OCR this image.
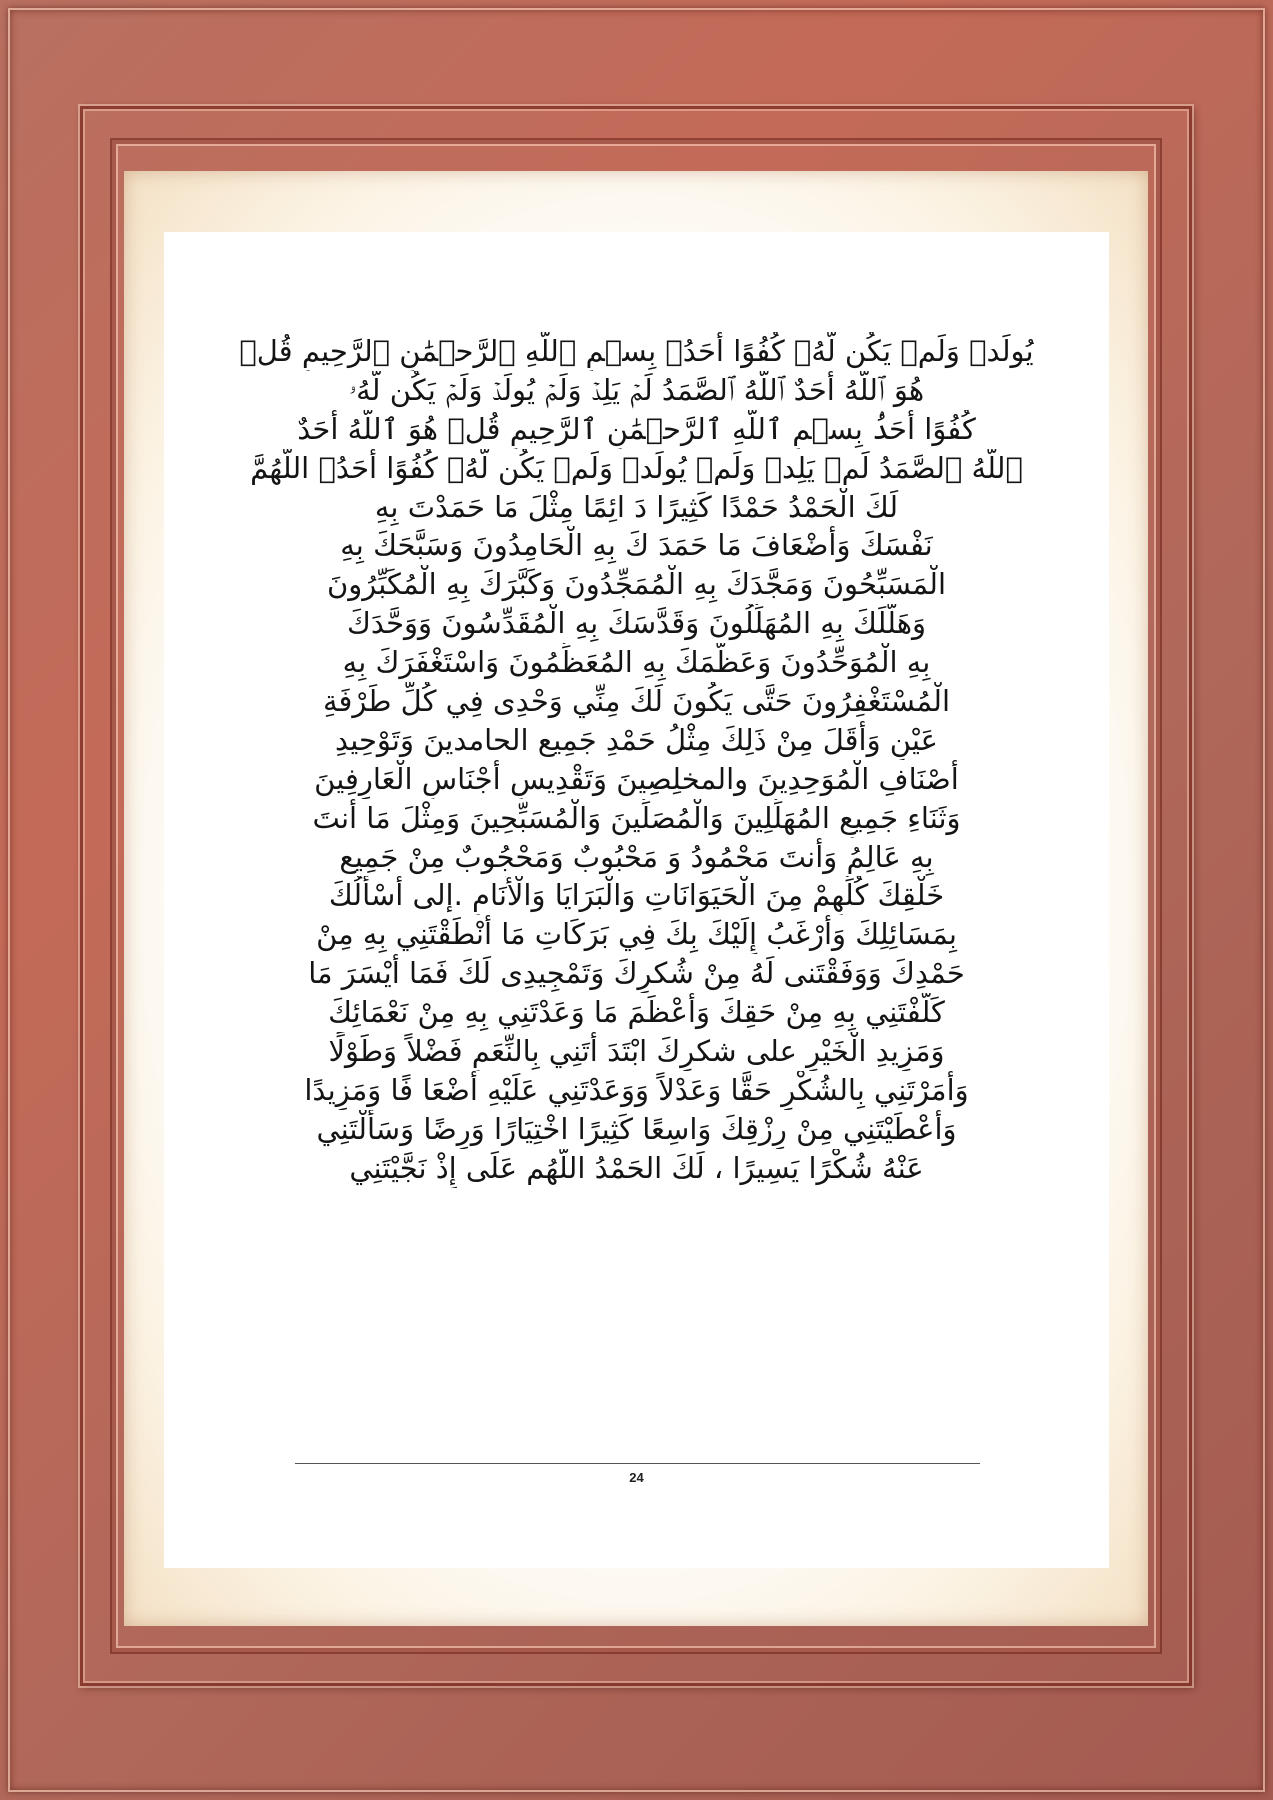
يُولَدۡ وَلَمۡ يَكُن لَّهُۥ كُفُوًا أَحَدُۢ بِسۡمِ ٱللَّهِ ٱلرَّحۡمَٰنِ ٱلرَّحِيمِ قُلۡ
هُوَ ٱللَّهُ أَحَدٌ ٱللَّهُ ٱلصَّمَدُ لَمۡ يَلِدۡ وَلَمۡ يُولَدۡ وَلَمۡ يَكُن لَّهُۥ
كُفُوًا أَحَدُۢ بِسۡمِ ٱللَّهِ ٱلرَّحۡمَٰنِ ٱلرَّحِيمِ قُلۡ هُوَ ٱللَّهُ أَحَدٌ
ٱللَّهُ ٱلصَّمَدُ لَمۡ يَلِدۡ وَلَمۡ يُولَدۡ وَلَمۡ يَكُن لَّهُۥ كُفُوًا أَحَدُۢ اللَّهُمَّ
لَكَ الْحَمْدُ حَمْدًا كَثِيرًا دَ ائِمًا مِثْلَ مَا حَمَدْتَ بِهِ
نَفْسَكَ وَأَضْعَافَ مَا حَمَدَ كَ بِهِ الْحَامِدُونَ وَسَبَّحَكَ بِهِ
الْمَسَبِّحُونَ وَمَجَّدَكَ بِهِ الْمُمَجِّدُونَ وَكَبَّرَكَ بِهِ الْمُكَبِّرُونَ
وَهَلَّلَكَ بِهِ المُهَلِّلُونَ وَقَدَّسَكَ بِهِ الْمُقَدِّسُونَ وَوَحَّدَكَ
بِهِ الْمُوَحِّدُونَ وَعَظَّمَكَ بِهِ المُعَظِّمُونَ وَاسْتَغْفَرَكَ بِهِ
الْمُسْتَغْفِرُونَ حَتَّى يَكُونَ لَكَ مِنِّي وَحْدِى فِي كُلِّ طَرْفَةِ
عَيْنٍ وَأَقَلَ مِنْ ذَلِكَ مِثْلُ حَمْدِ جَمِيع الحامدينَ وَتَوْحِيدِ
أَصْنَافِ الْمُوَحِدِينَ والمخلِصِينَ وَتَقْدِيسِ أَجْنَاسِ الْعَارِفِينَ
وَثَنَاءِ جَمِيعِ المُهَلِّلِينَ وَالْمُصَلِّينَ وَالْمُسَبِّحِينَ وَمِثْلَ مَا أَنتَ
بِهِ عَالِمُ وَأَنتَ مَحْمُودُ وَ مَحْبُوبٌ وَمَحْجُوبٌ مِنْ جَمِيعِ
خَلْقِكَ كُلِّهِمْ مِنَ الْحَيَوَانَاتِ وَالْبَرَايَا وَالْأَنَامِ .إلى أسْأَلُكَ
بِمَسَائِلِكَ وَأَرْغَبُ إِلَيْكَ بِكَ فِي بَرَكَاتِ مَا أَنْطَقْتَنِي بِهِ مِنْ
حَمْدِكَ وَوَفَقْتَنى لَهُ مِنْ شُكرِكَ وَتَمْجِيدِى لَكَ فَمَا أَيْسَرَ مَا
كَلَّفْتَنِي بِهِ مِنْ حَقِكَ وَأَعْظَمَ مَا وَعَدْتَنِي بِهِ مِنْ نَعْمَائِكَ
وَمَزِيدِ الْخَيْرِ على شكرِكَ ابْتَدَ أْتَنِي بِالنِّعَمِ فَضْلاً وَطَوْلًا
وَأَمَرْتَنِي بِالشُكْرِ حَقًّا وَعَدْلاً وَوَعَدْتَنِي عَلَيْهِ أَضْعَا فًا وَمَزِيدًا
وَأَعْطَيْتَنِي مِنْ رِزْقِكَ وَاسِعًا كَثِيرًا اخْتِيَارًا وَرِضًا وَسَأَلْتَنِي
عَنْهُ شُكْرًا يَسِيرًا ، لَكَ الحَمْدُ اللَّهُم عَلَى إِذْ نَجَّيْتَنِي
24
